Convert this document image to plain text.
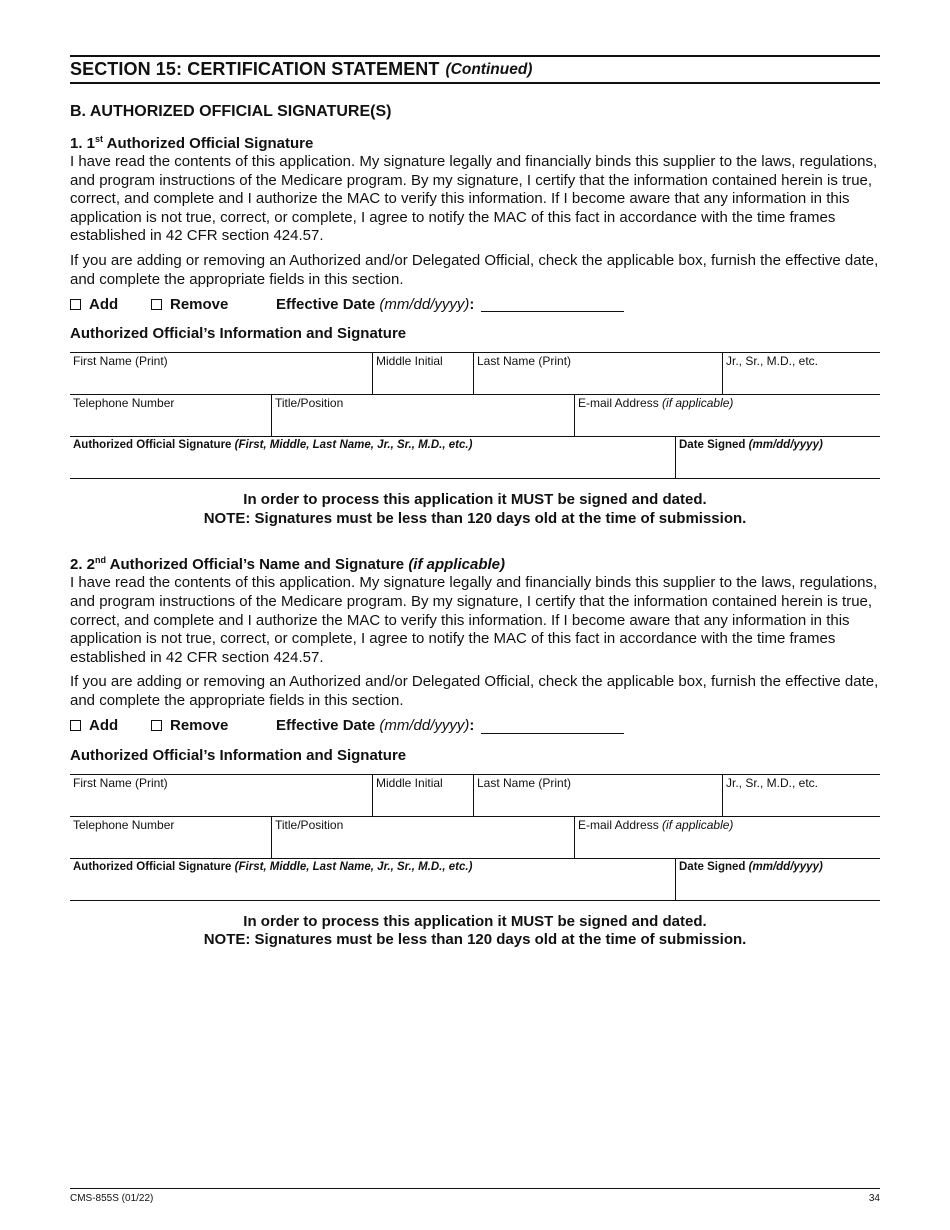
SECTION 15: CERTIFICATION STATEMENT (Continued)
B. AUTHORIZED OFFICIAL SIGNATURE(S)
1. 1st Authorized Official Signature

I have read the contents of this application. My signature legally and financially binds this supplier to the laws, regulations, and program instructions of the Medicare program. By my signature, I certify that the information contained herein is true, correct, and complete and I authorize the MAC to verify this information. If I become aware that any information in this application is not true, correct, or complete, I agree to notify the MAC of this fact in accordance with the time frames established in 42 CFR section 424.57.

If you are adding or removing an Authorized and/or Delegated Official, check the applicable box, furnish the effective date, and complete the appropriate fields in this section.

Add	Remove	Effective Date (mm/dd/yyyy):
Authorized Official’s Information and Signature
First Name (Print)	Middle Initial	Last Name (Print)	Jr., Sr., M.D., etc.
Telephone Number	Title/Position	E-mail Address (if applicable)
Authorized Official Signature (First, Middle, Last Name, Jr., Sr., M.D., etc.)	Date Signed (mm/dd/yyyy)
In order to process this application it MUST be signed and dated.
NOTE: Signatures must be less than 120 days old at the time of submission.
2. 2nd Authorized Official’s Name and Signature (if applicable)

I have read the contents of this application. My signature legally and financially binds this supplier to the laws, regulations, and program instructions of the Medicare program. By my signature, I certify that the information contained herein is true, correct, and complete and I authorize the MAC to verify this information. If I become aware that any information in this application is not true, correct, or complete, I agree to notify the MAC of this fact in accordance with the time frames established in 42 CFR section 424.57.

If you are adding or removing an Authorized and/or Delegated Official, check the applicable box, furnish the effective date, and complete the appropriate fields in this section.

Add	Remove	Effective Date (mm/dd/yyyy):
Authorized Official’s Information and Signature
First Name (Print)	Middle Initial	Last Name (Print)	Jr., Sr., M.D., etc.
Telephone Number	Title/Position	E-mail Address (if applicable)
Authorized Official Signature (First, Middle, Last Name, Jr., Sr., M.D., etc.)	Date Signed (mm/dd/yyyy)
In order to process this application it MUST be signed and dated.
NOTE: Signatures must be less than 120 days old at the time of submission.
CMS-855S (01/22)	34
